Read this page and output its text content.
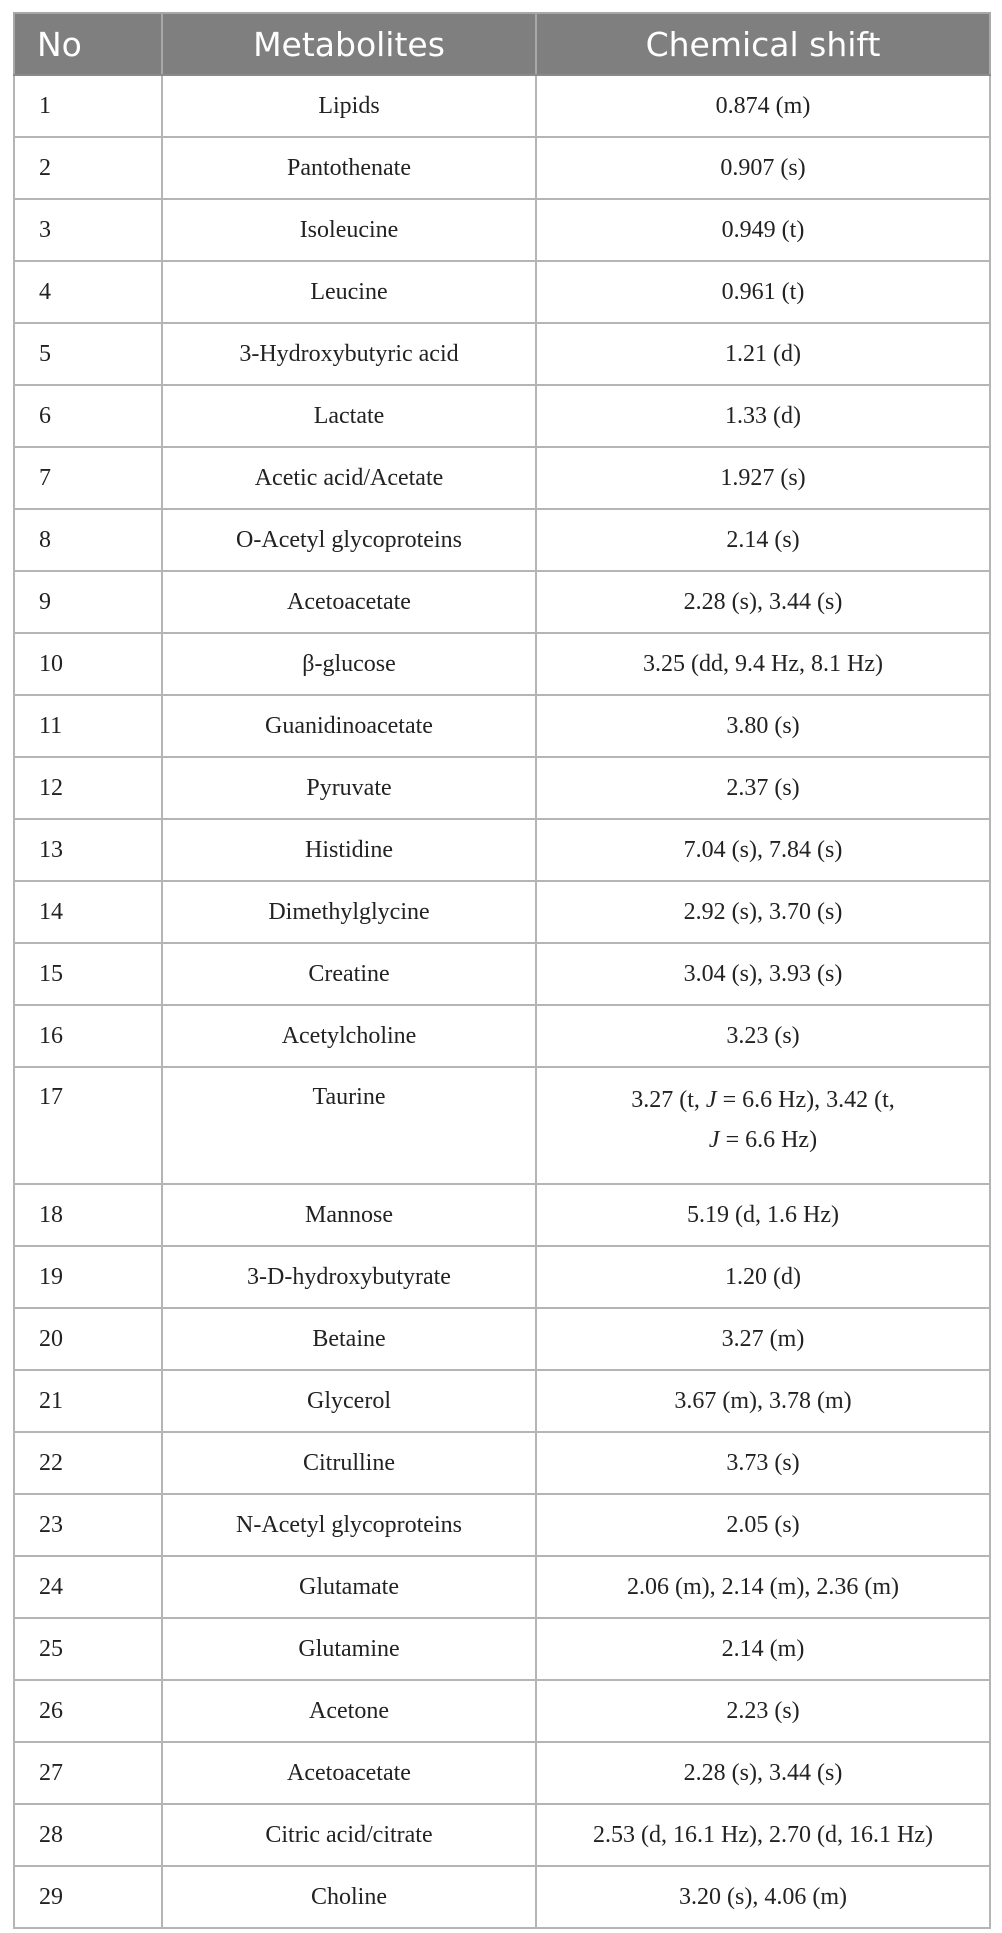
No	Metabolites	Chemical shift
1	Lipids	0.874 (m)
2	Pantothenate	0.907 (s)
3	Isoleucine	0.949 (t)
4	Leucine	0.961 (t)
5	3-Hydroxybutyric acid	1.21 (d)
6	Lactate	1.33 (d)
7	Acetic acid/Acetate	1.927 (s)
8	O-Acetyl glycoproteins	2.14 (s)
9	Acetoacetate	2.28 (s), 3.44 (s)
10	β-glucose	3.25 (dd, 9.4 Hz, 8.1 Hz)
11	Guanidinoacetate	3.80 (s)
12	Pyruvate	2.37 (s)
13	Histidine	7.04 (s), 7.84 (s)
14	Dimethylglycine	2.92 (s), 3.70 (s)
15	Creatine	3.04 (s), 3.93 (s)
16	Acetylcholine	3.23 (s)
17	Taurine	3.27 (t, J = 6.6 Hz), 3.42 (t,
J = 6.6 Hz)
18	Mannose	5.19 (d, 1.6 Hz)
19	3-D-hydroxybutyrate	1.20 (d)
20	Betaine	3.27 (m)
21	Glycerol	3.67 (m), 3.78 (m)
22	Citrulline	3.73 (s)
23	N-Acetyl glycoproteins	2.05 (s)
24	Glutamate	2.06 (m), 2.14 (m), 2.36 (m)
25	Glutamine	2.14 (m)
26	Acetone	2.23 (s)
27	Acetoacetate	2.28 (s), 3.44 (s)
28	Citric acid/citrate	2.53 (d, 16.1 Hz), 2.70 (d, 16.1 Hz)
29	Choline	3.20 (s), 4.06 (m)
